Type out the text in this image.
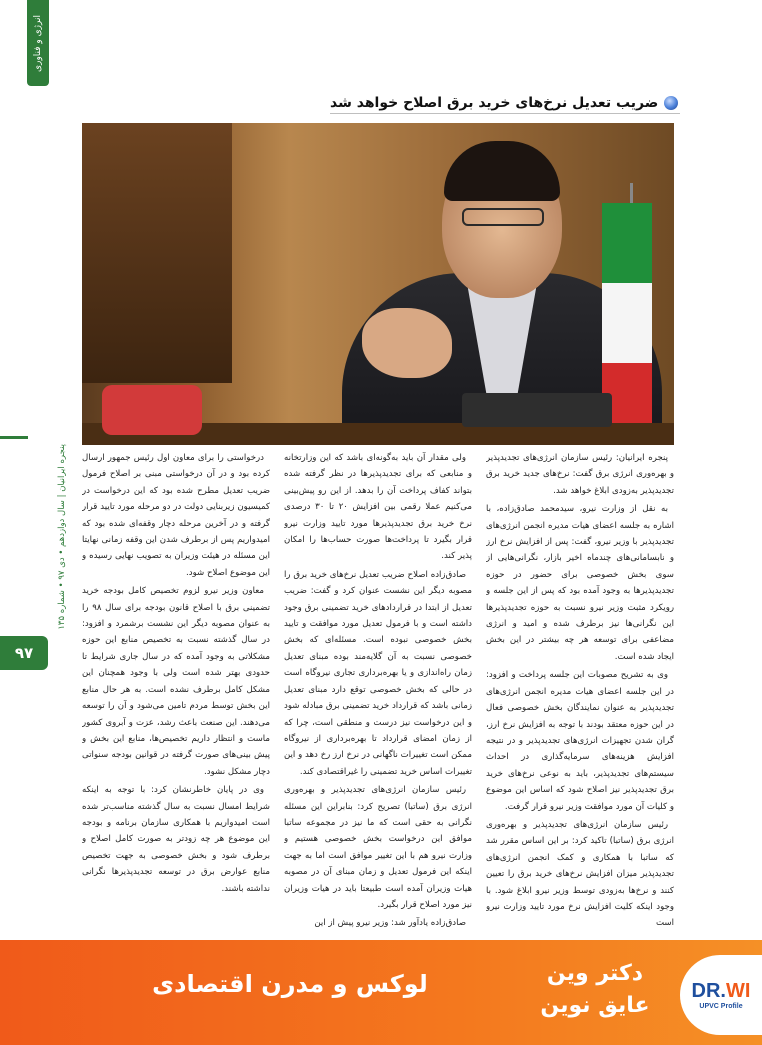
انرژی و فناوری
ضریب تعدیل نرخ‌های خرید برق اصلاح خواهد شد

پنجره ایرانیان: رئیس سازمان انرژی‌های تجدیدپذیر و بهره‌وری انرژی برق گفت: نرخ‌های جدید خرید برق تجدیدپذیر به‌زودی ابلاغ خواهد شد.

به نقل از وزارت نیرو، سیدمحمد صادق‌زاده، با اشاره به جلسه اعضای هیات مدیره انجمن انرژی‌های تجدیدپذیر با وزیر نیرو، گفت: پس از افزایش نرخ ارز و نابسامانی‌های چندماه اخیر بازار، نگرانی‌هایی از سوی بخش خصوصی برای حضور در حوزه تجدیدپذیرها به وجود آمده بود که پس از این جلسه و رویکرد مثبت وزیر نیرو نسبت به حوزه تجدیدپذیرها این نگرانی‌ها نیز برطرف شده و امید و انرژی مضاعفی برای توسعه هر چه بیشتر در این بخش ایجاد شده است.

وی به تشریح مصوبات این جلسه پرداخت و افزود: در این جلسه اعضای هیات مدیره انجمن انرژی‌های تجدیدپذیر به عنوان نمایندگان بخش خصوصی فعال در این حوزه معتقد بودند با توجه به افزایش نرخ ارز، گران شدن تجهیزات انرژی‌های تجدیدپذیر و در نتیجه افزایش هزینه‌های سرمایه‌گذاری در احداث سیستم‌های تجدیدپذیر، باید به نوعی نرخ‌های خرید برق تجدیدپذیر نیز اصلاح شود که اساس این موضوع و کلیات آن مورد موافقت وزیر نیرو قرار گرفت.

رئیس سازمان انرژی‌های تجدیدپذیر و بهره‌وری انرژی برق (ساتبا) تاکید کرد: بر این اساس مقرر شد که ساتبا با همکاری و کمک انجمن انرژی‌های تجدیدپذیر میزان افزایش نرخ‌های خرید برق را تعیین کنند و نرخ‌ها به‌زودی توسط وزیر نیرو ابلاغ شود. با وجود اینکه کلیت افزایش نرخ مورد تایید وزارت نیرو است

ولی مقدار آن باید به‌گونه‌ای باشد که این وزارتخانه و منابعی که برای تجدیدپذیرها در نظر گرفته شده بتواند کفاف پرداخت آن را بدهد. از این رو پیش‌بینی می‌کنیم عملا رقمی بین افزایش ۲۰ تا ۳۰ درصدی نرخ خرید برق تجدیدپذیرها مورد تایید وزارت نیرو قرار بگیرد تا پرداخت‌ها صورت حساب‌ها را امکان پذیر کند.

صادق‌زاده اصلاح ضریب تعدیل نرخ‌های خرید برق را مصوبه دیگر این نشست عنوان کرد و گفت: ضریب تعدیل از ابتدا در قراردادهای خرید تضمینی برق وجود داشته است و با فرمول تعدیل مورد موافقت و تایید بخش خصوصی نبوده است. مسئله‌ای که بخش خصوصی نسبت به آن گلایه‌مند بوده مبنای تعدیل زمان راه‌اندازی و یا بهره‌برداری تجاری نیروگاه است در حالی که بخش خصوصی توقع دارد مبنای تعدیل زمانی باشد که قرارداد خرید تضمینی برق مبادله شود و این درخواست نیز درست و منطقی است، چرا که از زمان امضای قرارداد تا بهره‌برداری از نیروگاه ممکن است تغییرات ناگهانی در نرخ ارز رخ دهد و این تغییرات اساس خرید تضمینی را غیراقتصادی کند.

رئیس سازمان انرژی‌های تجدیدپذیر و بهره‌وری انرژی برق (ساتبا) تصریح کرد: بنابراین این مسئله نگرانی به حقی است که ما نیز در مجموعه ساتبا موافق این درخواست بخش خصوصی هستیم و وزارت نیرو هم با این تغییر موافق است اما به جهت اینکه این فرمول تعدیل و زمان مبنای آن در مصوبه هیات وزیران آمده است طبیعتا باید در هیات وزیران نیز مورد اصلاح قرار بگیرد.

صادق‌زاده یادآور شد: وزیر نیرو پیش از این

درخواستی را برای معاون اول رئیس جمهور ارسال کرده بود و در آن درخواستی مبنی بر اصلاح فرمول ضریب تعدیل مطرح شده بود که این درخواست در کمیسیون زیربنایی دولت در دو مرحله مورد تایید قرار گرفته و در آخرین مرحله دچار وقفه‌ای شده بود که امیدواریم پس از برطرف شدن این وقفه زمانی نهایتا این مسئله در هیئت وزیران به تصویب نهایی رسیده و این موضوع اصلاح شود.

معاون وزیر نیرو لزوم تخصیص کامل بودجه خرید تضمینی برق با اصلاح قانون بودجه برای سال ۹۸ را به عنوان مصوبه دیگر این نشست برشمرد و افزود: در سال گذشته نسبت به تخصیص منابع این حوزه مشکلاتی به وجود آمده که در سال جاری شرایط تا حدودی بهتر شده است ولی با وجود همچنان این مشکل کامل برطرف نشده است. به هر حال منابع این بخش توسط مردم تامین می‌شود و آن را توسعه می‌دهند. این صنعت باعث رشد، عزت و آبروی کشور ماست و انتظار داریم تخصیص‌ها، منابع این بخش و پیش بینی‌های صورت گرفته در قوانین بودجه سنواتی دچار مشکل نشود.

وی در پایان خاطرنشان کرد: با توجه به اینکه شرایط امسال نسبت به سال گذشته مناسب‌تر شده است امیدواریم با همکاری سازمان برنامه و بودجه این موضوع هر چه زودتر به صورت کامل اصلاح و برطرف شود و بخش خصوصی به جهت تخصیص منابع عوارض برق در توسعه تجدیدپذیرها نگرانی نداشته باشند.

پنجره ایرانیان | سال دوازدهم • دی ۹۷ • شماره ۱۳۵
۹۷
لوکس و مدرن اقتصادی	دکتر وین
عایق نوین
DR.WI
UPVC Profile
